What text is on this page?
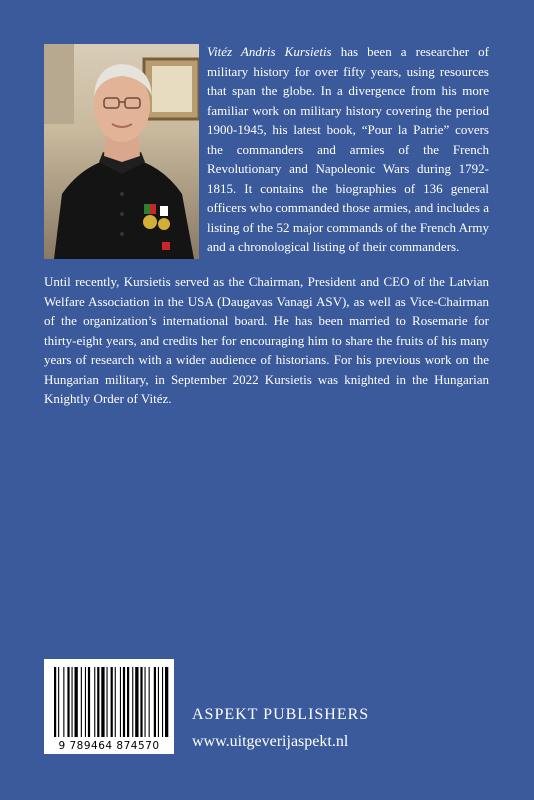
Vitéz Andris Kursietis has been a researcher of military history for over fifty years, using resources that span the globe. In a divergence from his more familiar work on military history covering the period 1900-1945, his latest book, “Pour la Patrie” covers the commanders and armies of the French Revolutionary and Napoleonic Wars during 1792-1815. It contains the biographies of 136 general officers who commanded those armies, and includes a listing of the 52 major commands of the French Army and a chronological listing of their commanders.

Until recently, Kursietis served as the Chairman, President and CEO of the Latvian Welfare Association in the USA (Daugavas Vanagi ASV), as well as Vice-Chairman of the organization’s international board. He has been married to Rosemarie for thirty-eight years, and credits her for encouraging him to share the fruits of his many years of research with a wider audience of historians. For his previous work on the Hungarian military, in September 2022 Kursietis was knighted in the Hungarian Knightly Order of Vitéz.

9 789464 874570

ASPEKT PUBLISHERS

www.uitgeverijaspekt.nl
